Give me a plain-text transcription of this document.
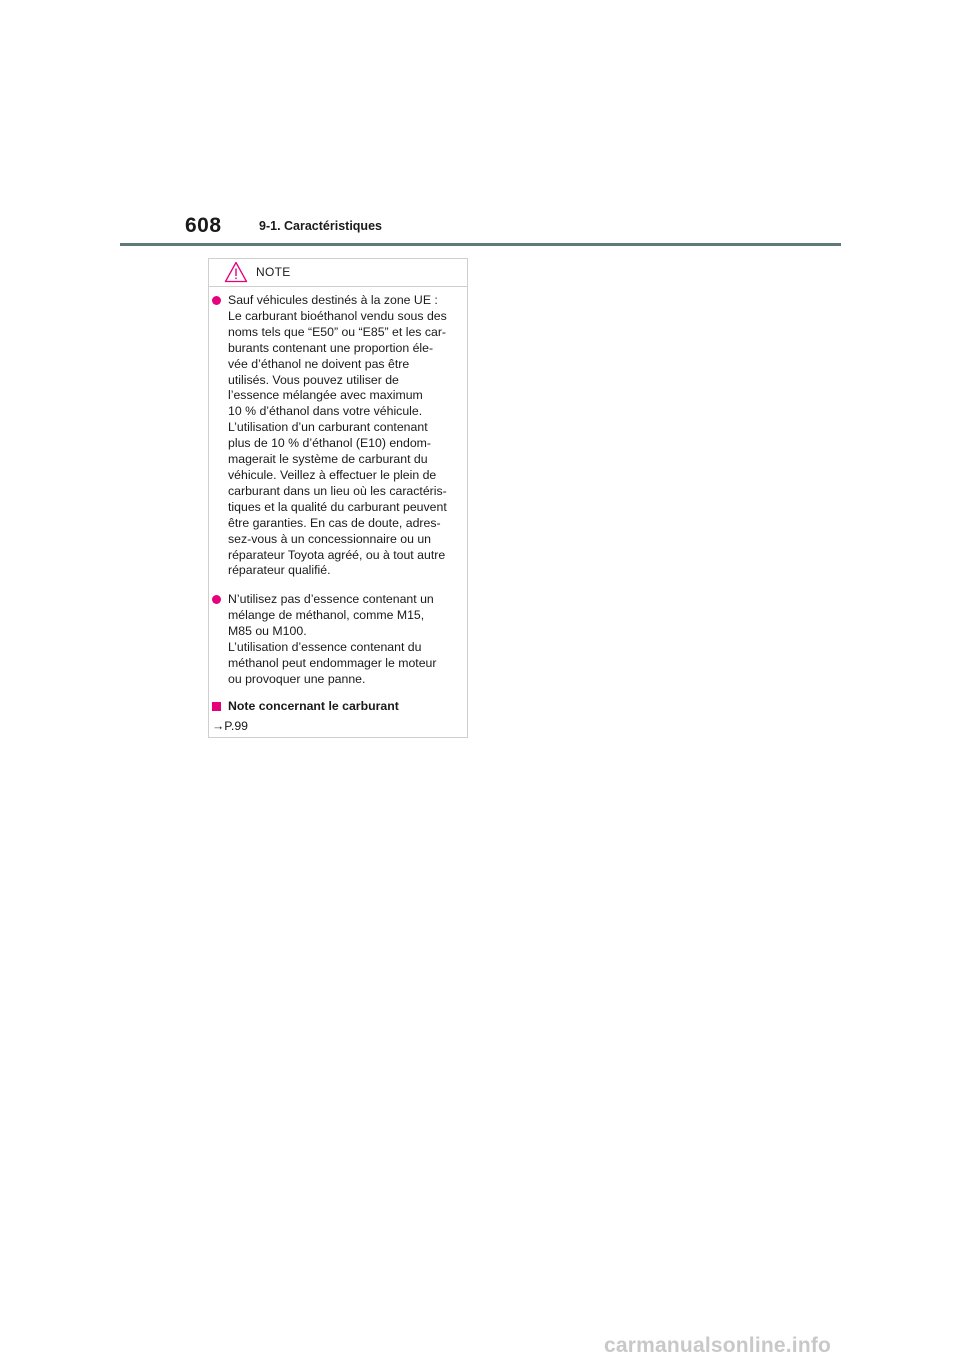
608	9-1. Caractéristiques
NOTE
Sauf véhicules destinés à la zone UE :
Le carburant bioéthanol vendu sous des
noms tels que “E50” ou “E85” et les car-
burants contenant une proportion éle-
vée d’éthanol ne doivent pas être
utilisés. Vous pouvez utiliser de
l’essence mélangée avec maximum
10 % d’éthanol dans votre véhicule.
L’utilisation d’un carburant contenant
plus de 10 % d’éthanol (E10) endom-
magerait le système de carburant du
véhicule. Veillez à effectuer le plein de
carburant dans un lieu où les caractéris-
tiques et la qualité du carburant peuvent
être garanties. En cas de doute, adres-
sez-vous à un concessionnaire ou un
réparateur Toyota agréé, ou à tout autre
réparateur qualifié.
N’utilisez pas d’essence contenant un
mélange de méthanol, comme M15,
M85 ou M100.
L’utilisation d’essence contenant du
méthanol peut endommager le moteur
ou provoquer une panne.
Note concernant le carburant
→P.99
carmanualsonline.info
